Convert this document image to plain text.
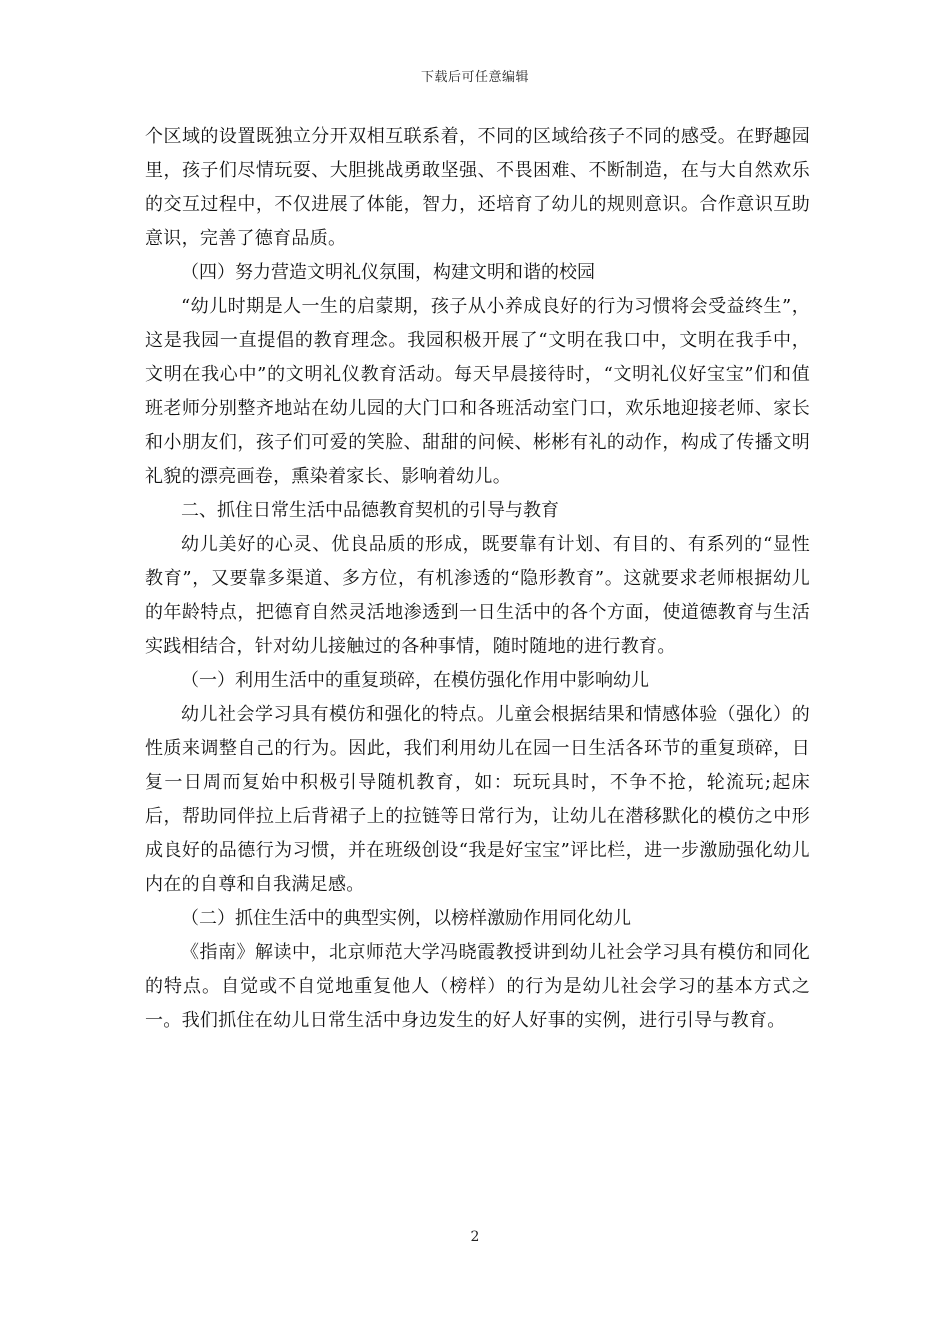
下载后可任意编辑

个区域的设置既独立分开双相互联系着，不同的区域给孩子不同的感受。在野趣园里，孩子们尽情玩耍、大胆挑战勇敢坚强、不畏困难、不断制造，在与大自然欢乐的交互过程中，不仅进展了体能，智力，还培育了幼儿的规则意识。合作意识互助意识，完善了德育品质。

（四）努力营造文明礼仪氛围，构建文明和谐的校园

“幼儿时期是人一生的启蒙期，孩子从小养成良好的行为习惯将会受益终生”，这是我园一直提倡的教育理念。我园积极开展了“文明在我口中，文明在我手中，文明在我心中”的文明礼仪教育活动。每天早晨接待时，“文明礼仪好宝宝”们和值班老师分别整齐地站在幼儿园的大门口和各班活动室门口，欢乐地迎接老师、家长和小朋友们，孩子们可爱的笑脸、甜甜的问候、彬彬有礼的动作，构成了传播文明礼貌的漂亮画卷，熏染着家长、影响着幼儿。

二、抓住日常生活中品德教育契机的引导与教育

幼儿美好的心灵、优良品质的形成，既要靠有计划、有目的、有系列的“显性教育”，又要靠多渠道、多方位，有机渗透的“隐形教育”。这就要求老师根据幼儿的年龄特点，把德育自然灵活地渗透到一日生活中的各个方面，使道德教育与生活实践相结合，针对幼儿接触过的各种事情，随时随地的进行教育。

（一）利用生活中的重复琐碎，在模仿强化作用中影响幼儿

幼儿社会学习具有模仿和强化的特点。儿童会根据结果和情感体验（强化）的性质来调整自己的行为。因此，我们利用幼儿在园一日生活各环节的重复琐碎，日复一日周而复始中积极引导随机教育，如：玩玩具时，不争不抢，轮流玩;起床后，帮助同伴拉上后背裙子上的拉链等日常行为，让幼儿在潜移默化的模仿之中形成良好的品德行为习惯，并在班级创设“我是好宝宝”评比栏，进一步激励强化幼儿内在的自尊和自我满足感。

（二）抓住生活中的典型实例，以榜样激励作用同化幼儿

《指南》解读中，北京师范大学冯晓霞教授讲到幼儿社会学习具有模仿和同化的特点。自觉或不自觉地重复他人（榜样）的行为是幼儿社会学习的基本方式之一。我们抓住在幼儿日常生活中身边发生的好人好事的实例，进行引导与教育。

2
